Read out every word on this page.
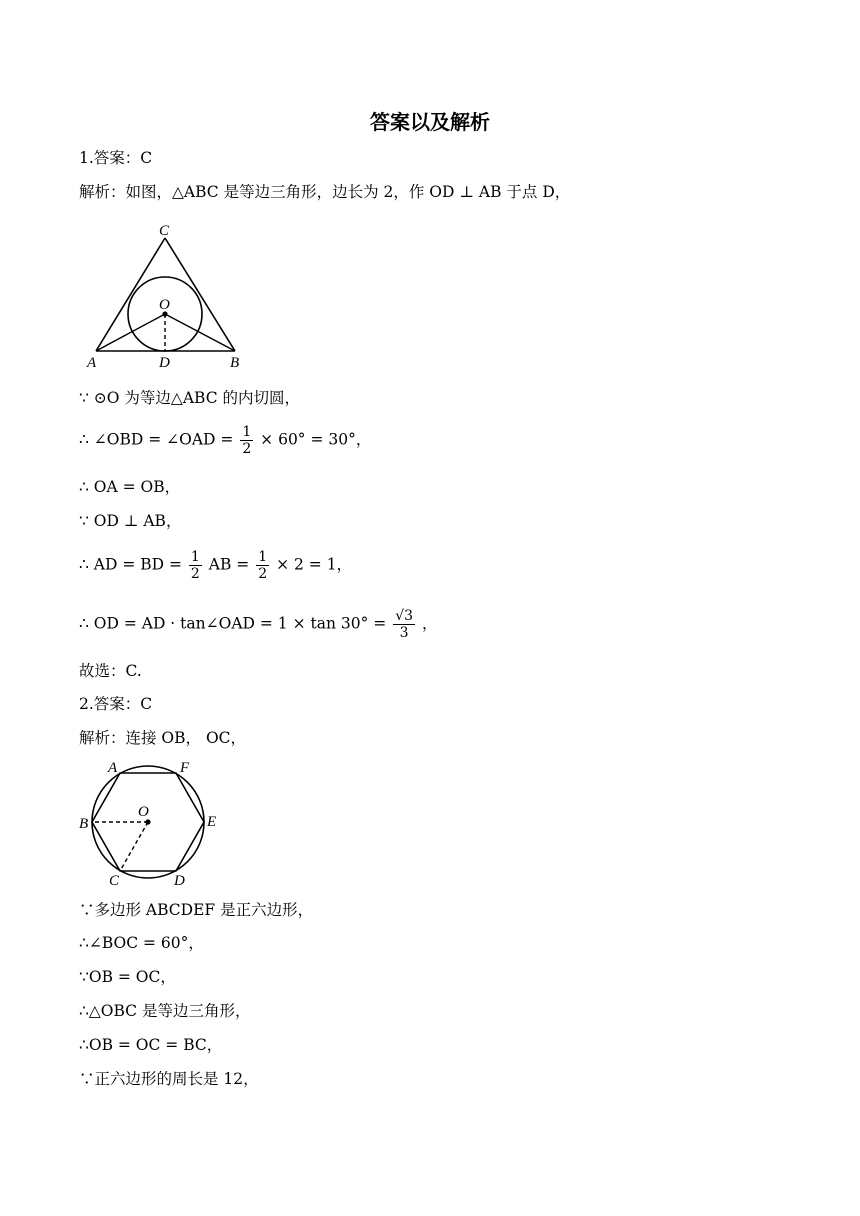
答案以及解析
1.答案：C
解析：如图，△ABC 是等边三角形，边长为 2，作 OD ⊥ AB 于点 D，
C
O
A	D	B
∵ ⊙O 为等边△ABC 的内切圆，
∴ ∠OBD = ∠OAD = $\frac{1}{2} \times 60^\circ = 30^\circ$，
∴ OA = OB，
∵ OD ⊥ AB，
∴ AD = BD = $\frac{1}{2}$ AB = $\frac{1}{2} \times 2 = 1$，
∴ OD = AD · tan∠OAD = $1 \times \tan 30^\circ = \frac{√3}{3}$ ，
故选：C.
2.答案：C
解析：连接 OB， OC，
A	F
O
B	E
C	D
∵多边形 ABCDEF 是正六边形，
∴∠BOC = 60°，
∵OB = OC，
∴△OBC 是等边三角形，
∴OB = OC = BC，
∵正六边形的周长是 12，
